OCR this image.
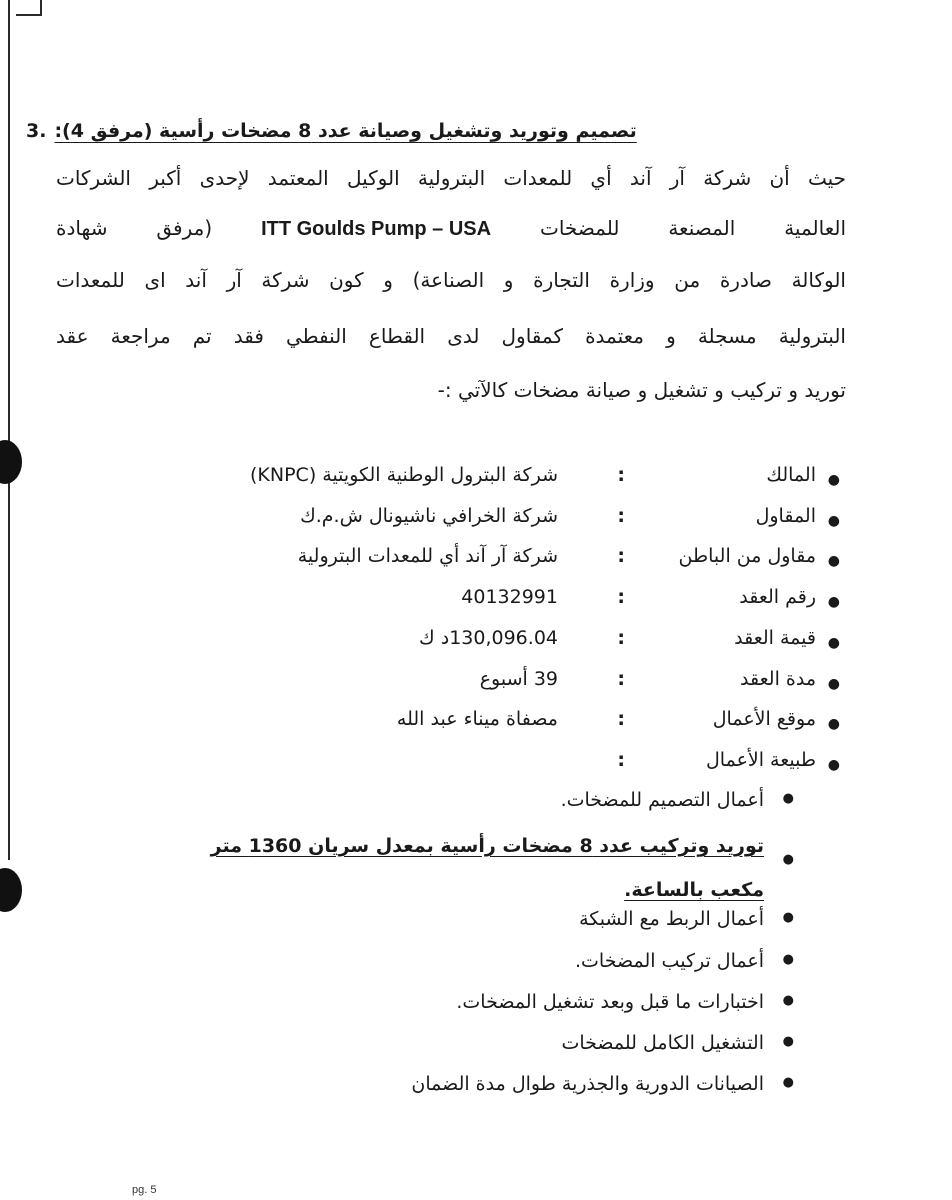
3. تصميم وتوريد وتشغيل وصيانة عدد 8 مضخات رأسية (مرفق 4):
حيث أن شركة آر آند أي للمعدات البترولية الوكيل المعتمد لإحدى أكبر الشركات
العالمية المصنعة للمضخات ITT Goulds Pump – USA (مرفق شهادة
الوكالة صادرة من وزارة التجارة و الصناعة) و كون شركة آر آند اى للمعدات
البترولية مسجلة و معتمدة كمقاول لدى القطاع النفطي فقد تم مراجعة عقد
توريد و تركيب و تشغيل و صيانة مضخات كالآتي :-
●
المالك
:
شركة البترول الوطنية الكويتية (KNPC)
●
المقاول
:
شركة الخرافي ناشيونال ش.م.ك
●
مقاول من الباطن
:
شركة آر آند أي للمعدات البترولية
●
رقم العقد
:
40132991
●
قيمة العقد
:
130,096.04د ك
●
مدة العقد
:
39 أسبوع
●
موقع الأعمال
:
مصفاة ميناء عبد الله
●
طبيعة الأعمال
:
●
أعمال التصميم للمضخات.
●
توريد وتركيب عدد 8 مضخات رأسية بمعدل سريان 1360 متر
مكعب بالساعة.
●
أعمال الربط مع الشبكة
●
أعمال تركيب المضخات.
●
اختبارات ما قبل وبعد تشغيل المضخات.
●
التشغيل الكامل للمضخات
●
الصيانات الدورية والجذرية طوال مدة الضمان
pg. 5
